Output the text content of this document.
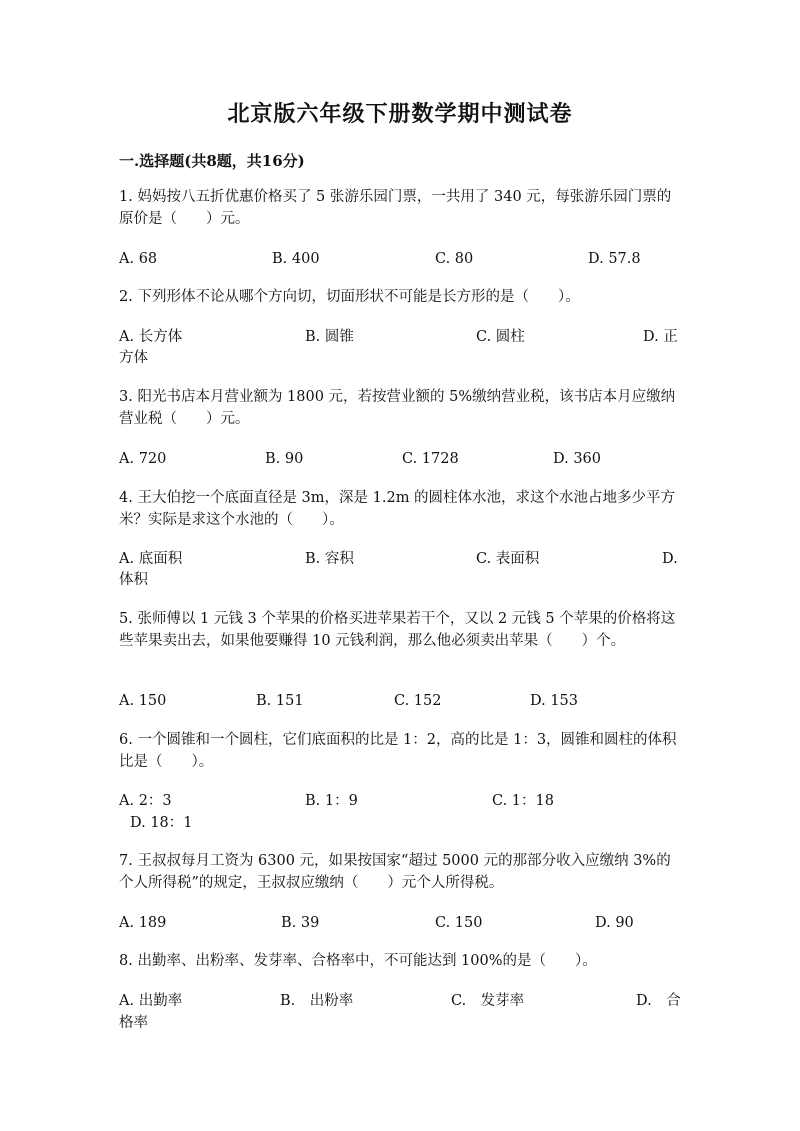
北京版六年级下册数学期中测试卷
一.选择题(共8题，共16分)

1. 妈妈按八五折优惠价格买了 5 张游乐园门票，一共用了 340 元，每张游乐园门票的原价是（　　）元。

A. 68	B. 400	C. 80	D. 57.8

2. 下列形体不论从哪个方向切，切面形状不可能是长方形的是（　　）。

A. 长方体	B. 圆锥	C. 圆柱	D. 正
方体

3. 阳光书店本月营业额为 1800 元，若按营业额的 5%缴纳营业税，该书店本月应缴纳营业税（　　）元。

A. 720	B. 90	C. 1728	D. 360

4. 王大伯挖一个底面直径是 3m，深是 1.2m 的圆柱体水池，求这个水池占地多少平方米？实际是求这个水池的（　　）。

A. 底面积	B. 容积	C. 表面积	D.
体积

5. 张师傅以 1 元钱 3 个苹果的价格买进苹果若干个，又以 2 元钱 5 个苹果的价格将这些苹果卖出去，如果他要赚得 10 元钱利润，那么他必须卖出苹果（　　）个。

A. 150	B. 151	C. 152	D. 153

6. 一个圆锥和一个圆柱，它们底面积的比是 1：2，高的比是 1：3，圆锥和圆柱的体积比是（　　）。

A. 2：3	B. 1：9	C. 1：18
D. 18：1

7. 王叔叔每月工资为 6300 元，如果按国家“超过 5000 元的那部分收入应缴纳 3%的个人所得税”的规定，王叔叔应缴纳（　　）元个人所得税。

A. 189	B. 39	C. 150	D. 90

8. 出勤率、出粉率、发芽率、合格率中，不可能达到 100%的是（　　）。

A. 出勤率	B.　出粉率	C.　发芽率	D.　合
格率
